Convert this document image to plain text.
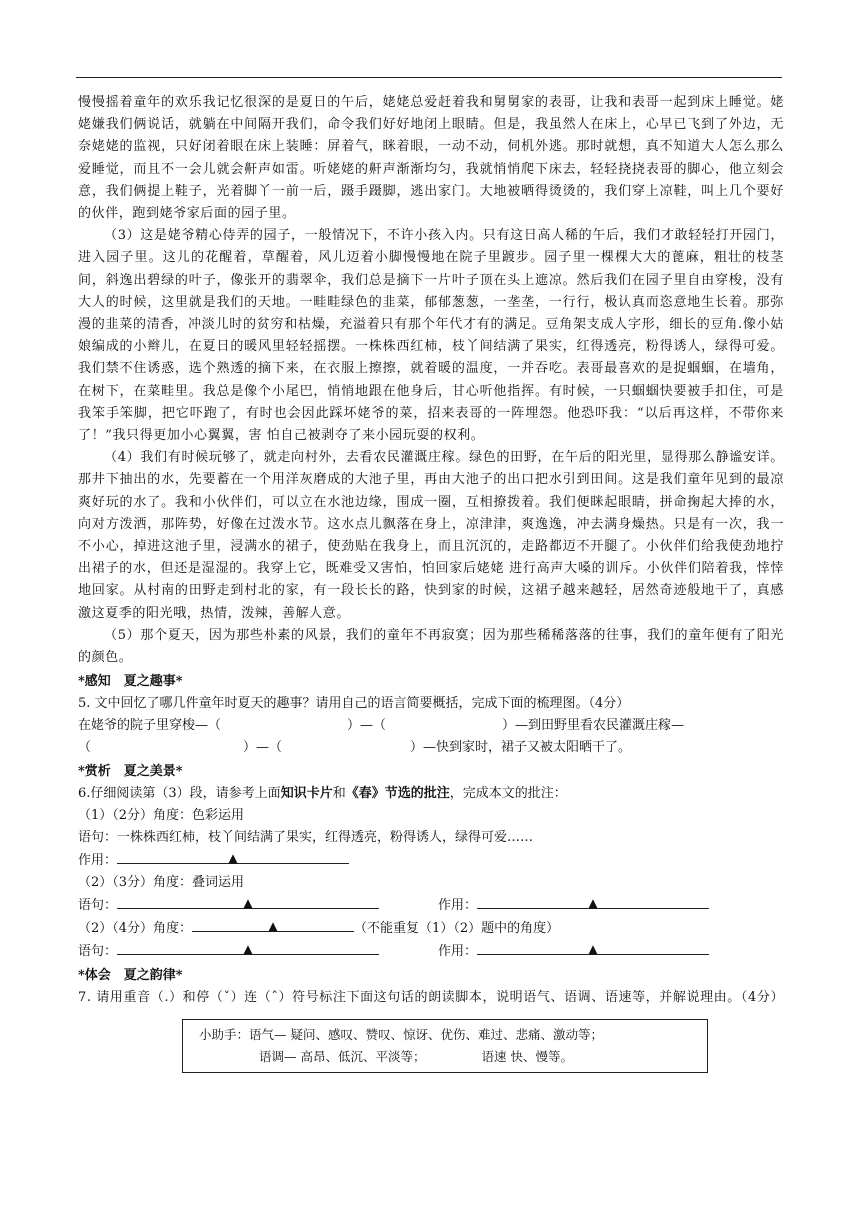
慢慢摇着童年的欢乐我记忆很深的是夏日的午后，姥姥总爱赶着我和舅舅家的表哥，让我和表哥一起到床上睡觉。姥姥嫌我们俩说话，就躺在中间隔开我们，命令我们好好地闭上眼睛。但是，我虽然人在床上，心早已飞到了外边，无奈姥姥的监视，只好闭着眼在床上装睡：屏着气，眯着眼，一动不动，伺机外逃。那时就想，真不知道大人怎么那么爱睡觉，而且不一会儿就会鼾声如雷。听姥姥的鼾声渐渐均匀，我就悄悄爬下床去，轻轻挠挠表哥的脚心，他立刻会意，我们俩提上鞋子，光着脚丫一前一后，蹑手蹑脚，逃出家门。大地被晒得烫烫的，我们穿上凉鞋，叫上几个要好的伙伴，跑到姥爷家后面的园子里。

（3）这是姥爷精心侍弄的园子，一般情况下，不许小孩入内。只有这日高人稀的午后，我们才敢轻轻打开园门，进入园子里。这儿的花醒着，草醒着，风儿迈着小脚慢慢地在院子里踱步。园子里一棵棵大大的蓖麻，粗壮的枝茎间，斜逸出碧绿的叶子，像张开的翡翠伞，我们总是摘下一片叶子顶在头上遮凉。然后我们在园子里自由穿梭，没有大人的时候，这里就是我们的天地。一畦畦绿色的韭菜，郁郁葱葱，一垄垄，一行行，极认真而恣意地生长着。那弥漫的韭菜的清香，冲淡儿时的贫穷和枯燥，充溢着只有那个年代才有的满足。豆角架支成人字形，细长的豆角.像小姑娘编成的小辫儿，在夏日的暖风里轻轻摇摆。一株株西红柿，枝丫间结满了果实，红得透亮，粉得诱人，绿得可爱。我们禁不住诱惑，选个熟透的摘下来，在衣服上擦擦，就着暖的温度，一并吞吃。表哥最喜欢的是捉蝈蝈，在墙角，在树下，在菜畦里。我总是像个小尾巴，悄悄地跟在他身后，甘心听他指挥。有时候，一只蝈蝈快要被手扣住，可是我笨手笨脚，把它吓跑了，有时也会因此踩坏姥爷的菜，招来表哥的一阵埋怨。他恐吓我：“以后再这样，不带你来了！”我只得更加小心翼翼，害 怕自己被剥夺了来小园玩耍的权利。

（4）我们有时候玩够了，就走向村外，去看农民灌溉庄稼。绿色的田野，在午后的阳光里，显得那么静谧安详。那井下抽出的水，先要蓄在一个用洋灰磨成的大池子里，再由大池子的出口把水引到田间。这是我们童年见到的最凉爽好玩的水了。我和小伙伴们，可以立在水池边缘，围成一圈，互相撩拨着。我们便眯起眼睛，拼命掬起大捧的水，向对方泼洒，那阵势，好像在过泼水节。这水点儿飘落在身上，凉津津，爽逸逸，冲去满身燥热。只是有一次，我一不小心，掉进这池子里，浸满水的裙子，使劲贴在我身上，而且沉沉的，走路都迈不开腿了。小伙伴们给我使劲地拧出裙子的水，但还是湿湿的。我穿上它，既难受又害怕，怕回家后姥姥 进行高声大嗓的训斥。小伙伴们陪着我，悻悻地回家。从村南的田野走到村北的家，有一段长长的路，快到家的时候，这裙子越来越轻，居然奇迹般地干了，真感激这夏季的阳光哦，热情，泼辣，善解人意。

（5）那个夏天，因为那些朴素的风景，我们的童年不再寂寞；因为那些稀稀落落的往事，我们的童年便有了阳光的颜色。

*感知　夏之趣事*
5. 文中回忆了哪几件童年时夏天的趣事？请用自己的语言简要概括，完成下面的梳理图。（4分）
在姥爷的院子里穿梭—（	）—（	）—到田野里看农民灌溉庄稼—
（	）—（	）—快到家时，裙子又被太阳晒干了。
*赏析　夏之美景*
6.仔细阅读第（3）段，请参考上面知识卡片和《春》节选的批注，完成本文的批注：
（1）（2分）角度：色彩运用
语句：一株株西红柿，枝丫间结满了果实，红得透亮，粉得诱人，绿得可爱……
作用：	▲
（2）（3分）角度：叠词运用
语句：	▲	作用：	▲
（2）（4分）角度：	▲	（不能重复（1）（2）题中的角度）
语句：	▲	作用：	▲
*体会　夏之韵律*

7. 请用重音（.）和停（ˇ）连（ˆ）符号标注下面这句话的朗读脚本，说明语气、语调、语速等，并解说理由。（4分）

小助手：语气— 疑问、感叹、赞叹、惊讶、优伤、难过、悲痛、激动等；
语调— 高昂、低沉、平淡等；	语速 快、慢等。
